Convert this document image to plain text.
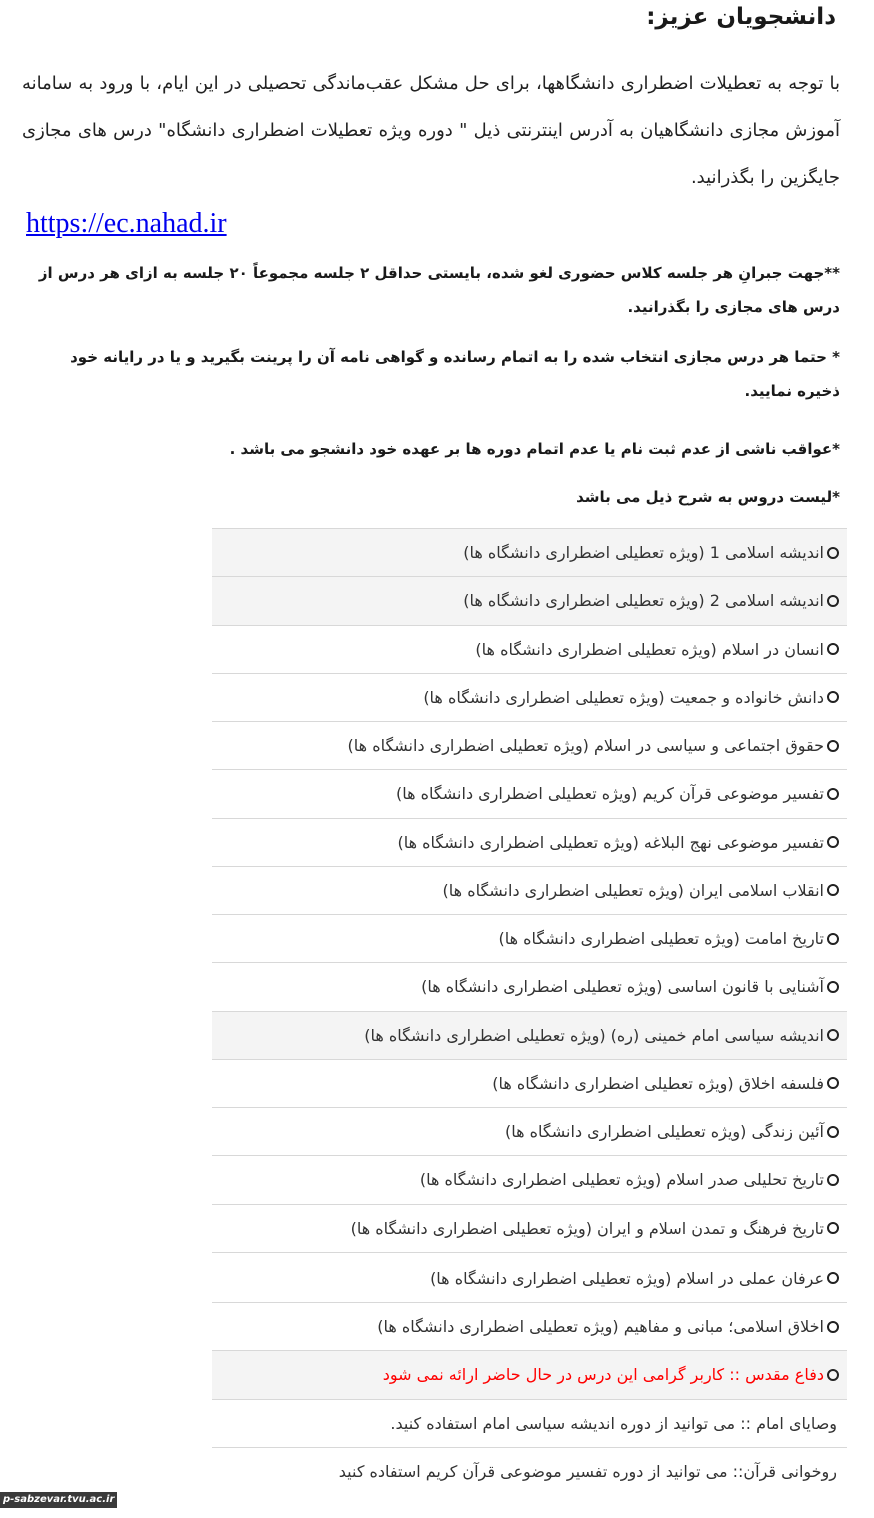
دانشجویان عزیز:

با توجه به تعطیلات اضطراری دانشگاهها، برای حل مشکل عقب‌ماندگی تحصیلی در این ایام، با ورود به سامانه آموزش مجازی دانشگاهیان به آدرس اینترنتی ذیل " دوره ویژه تعطیلات اضطراری دانشگاه" درس های مجازی جایگزین را بگذرانید.

https://ec.nahad.ir

**جهت جبرانِ هر جلسه کلاس حضوری لغو شده، بایستی حداقل ۲ جلسه مجموعاً ۲۰ جلسه به ازای هر درس از درس های مجازی را بگذرانید.

* حتما هر درس مجازی انتخاب شده را به اتمام رسانده و گواهی نامه آن را پرینت بگیرید و یا در رایانه خود ذخیره نمایید.

*عواقب ناشی از عدم ثبت نام یا عدم اتمام دوره ها بر عهده خود دانشجو می باشد .

*لیست دروس به شرح ذیل می باشد

اندیشه اسلامی 1 (ویژه تعطیلی اضطراری دانشگاه ها)
اندیشه اسلامی 2 (ویژه تعطیلی اضطراری دانشگاه ها)
انسان در اسلام (ویژه تعطیلی اضطراری دانشگاه ها)
دانش خانواده و جمعیت (ویژه تعطیلی اضطراری دانشگاه ها)
حقوق اجتماعی و سیاسی در اسلام (ویژه تعطیلی اضطراری دانشگاه ها)
تفسیر موضوعی قرآن کریم (ویژه تعطیلی اضطراری دانشگاه ها)
تفسیر موضوعی نهج البلاغه (ویژه تعطیلی اضطراری دانشگاه ها)
انقلاب اسلامی ایران (ویژه تعطیلی اضطراری دانشگاه ها)
تاریخ امامت (ویژه تعطیلی اضطراری دانشگاه ها)
آشنایی با قانون اساسی (ویژه تعطیلی اضطراری دانشگاه ها)
اندیشه سیاسی امام خمینی (ره) (ویژه تعطیلی اضطراری دانشگاه ها)
فلسفه اخلاق (ویژه تعطیلی اضطراری دانشگاه ها)
آئین زندگی (ویژه تعطیلی اضطراری دانشگاه ها)
تاریخ تحلیلی صدر اسلام (ویژه تعطیلی اضطراری دانشگاه ها)
تاریخ فرهنگ و تمدن اسلام و ایران (ویژه تعطیلی اضطراری دانشگاه ها)
عرفان عملی در اسلام (ویژه تعطیلی اضطراری دانشگاه ها)
اخلاق اسلامی؛ مبانی و مفاهیم (ویژه تعطیلی اضطراری دانشگاه ها)
دفاع مقدس :: کاربر گرامی این درس در حال حاضر ارائه نمی شود
وصایای امام :: می توانید از دوره اندیشه سیاسی امام استفاده کنید.
روخوانی قرآن:: می توانید از دوره تفسیر موضوعی قرآن کریم استفاده کنید
p-sabzevar.tvu.ac.ir
